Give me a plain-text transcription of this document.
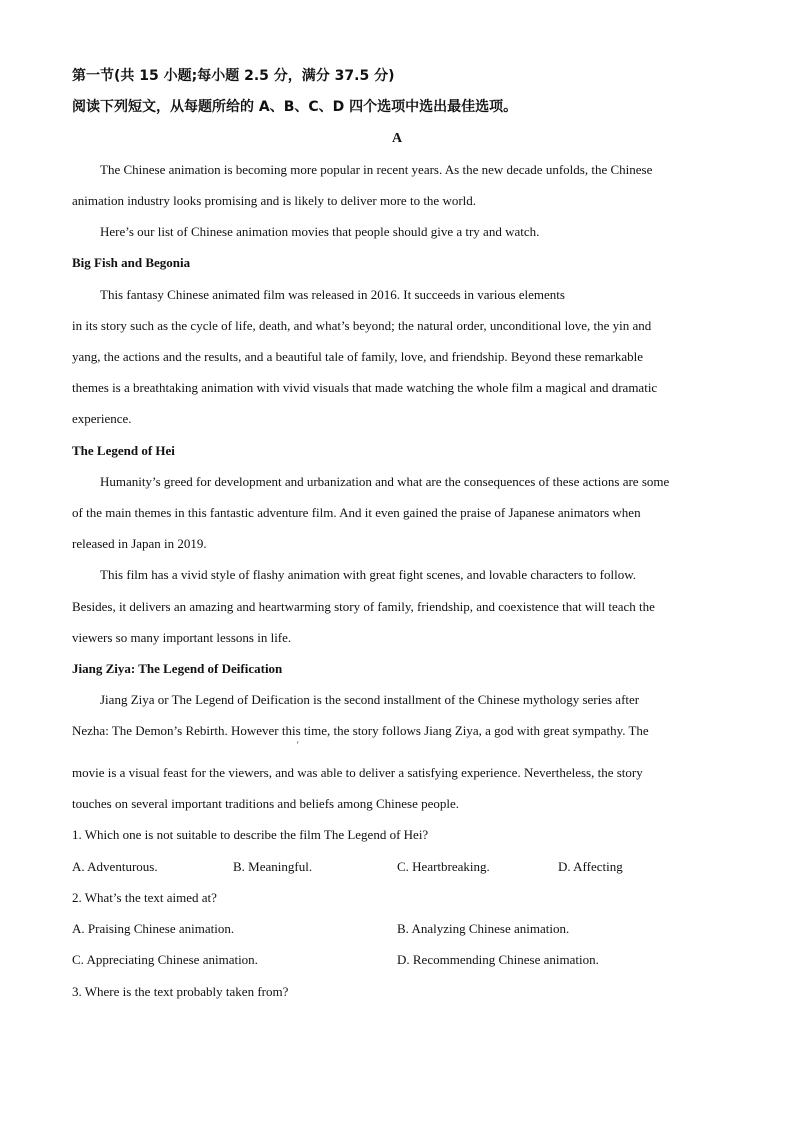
第一节(共 15 小题;每小题 2.5 分，满分 37.5 分)
阅读下列短文，从每题所给的 A、B、C、D 四个选项中选出最佳选项。
A
The Chinese animation is becoming more popular in recent years. As the new decade unfolds, the Chinese
animation industry looks promising and is likely to deliver more to the world.
Here’s our list of Chinese animation movies that people should give a try and watch.
Big Fish and Begonia
This fantasy Chinese animated film was released in 2016. It succeeds in various elements
in its story such as the cycle of life, death, and what’s beyond; the natural order, unconditional love, the yin and
yang, the actions and the results, and a beautiful tale of family, love, and friendship. Beyond these remarkable
themes is a breathtaking animation with vivid visuals that made watching the whole film a magical and dramatic
experience.
The Legend of Hei
Humanity’s greed for development and urbanization and what are the consequences of these actions are some
of the main themes in this fantastic adventure film. And it even gained the praise of Japanese animators when
released in Japan in 2019.
This film has a vivid style of flashy animation with great fight scenes, and lovable characters to follow.
Besides, it delivers an amazing and heartwarming story of family, friendship, and coexistence that will teach the
viewers so many important lessons in life.
Jiang Ziya: The Legend of Deification
Jiang Ziya or The Legend of Deification is the second installment of the Chinese mythology series after
Nezha: The Demon’s Rebirth. However this time, the story follows Jiang Ziya, a god with great sympathy. The
'
movie is a visual feast for the viewers, and was able to deliver a satisfying experience. Nevertheless, the story
touches on several important traditions and beliefs among Chinese people.
1. Which one is not suitable to describe the film The Legend of Hei?
A. Adventurous.	B. Meaningful.	C. Heartbreaking.	D. Affecting
2. What’s the text aimed at?
A. Praising Chinese animation.	B. Analyzing Chinese animation.
C. Appreciating Chinese animation.	D. Recommending Chinese animation.
3. Where is the text probably taken from?
